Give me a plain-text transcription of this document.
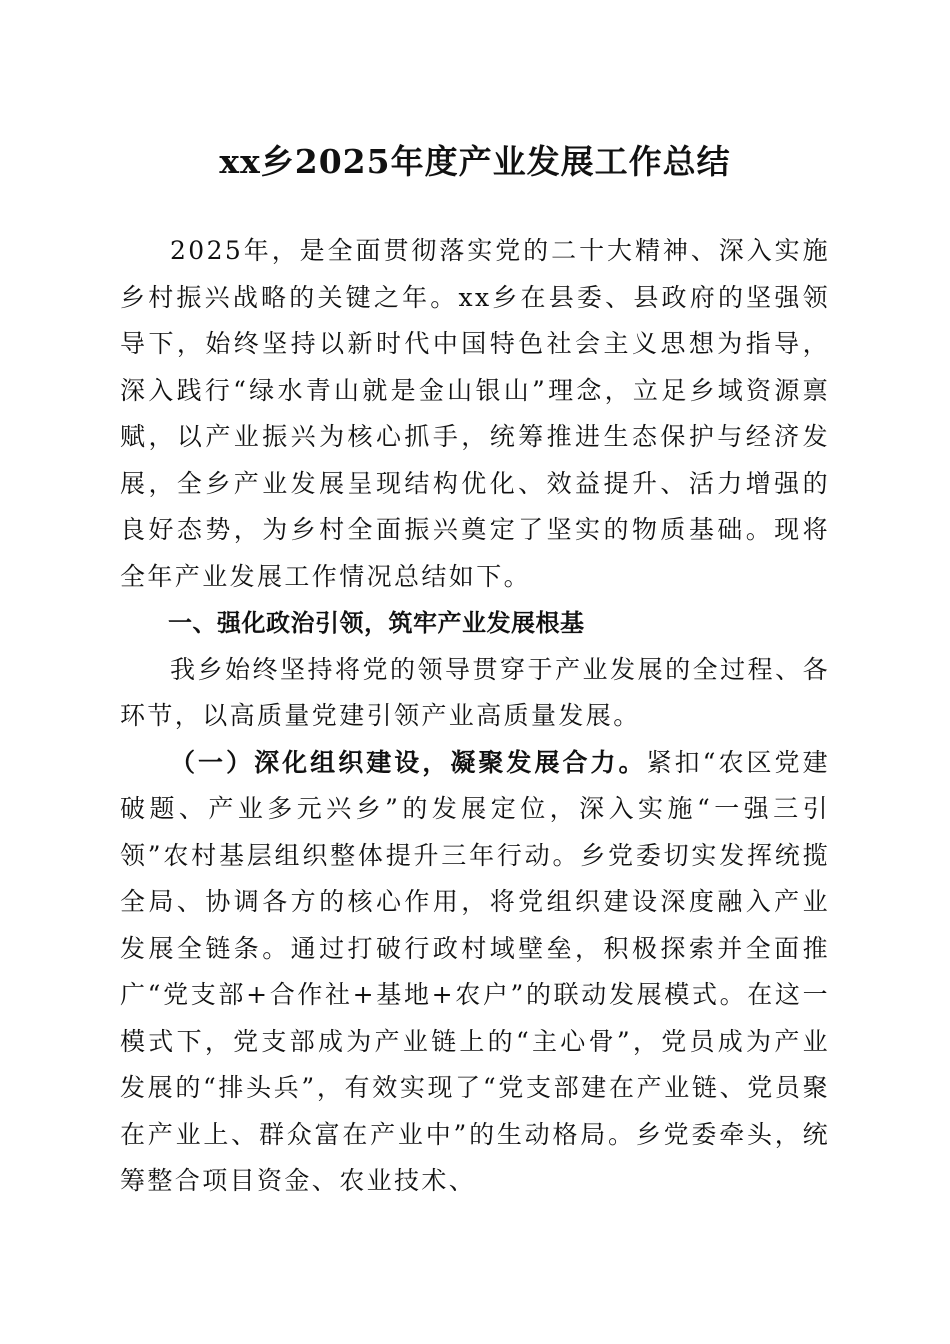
xx乡2025年度产业发展工作总结

2025年，是全面贯彻落实党的二十大精神、深入实施乡村振兴战略的关键之年。xx乡在县委、县政府的坚强领导下，始终坚持以新时代中国特色社会主义思想为指导，深入践行“绿水青山就是金山银山”理念，立足乡域资源禀赋，以产业振兴为核心抓手，统筹推进生态保护与经济发展，全乡产业发展呈现结构优化、效益提升、活力增强的良好态势，为乡村全面振兴奠定了坚实的物质基础。现将全年产业发展工作情况总结如下。

一、强化政治引领，筑牢产业发展根基

我乡始终坚持将党的领导贯穿于产业发展的全过程、各环节，以高质量党建引领产业高质量发展。

（一）深化组织建设，凝聚发展合力。紧扣“农区党建破题、产业多元兴乡”的发展定位，深入实施“一强三引领”农村基层组织整体提升三年行动。乡党委切实发挥统揽全局、协调各方的核心作用，将党组织建设深度融入产业发展全链条。通过打破行政村域壁垒，积极探索并全面推广“党支部+合作社+基地+农户”的联动发展模式。在这一模式下，党支部成为产业链上的“主心骨”，党员成为产业发展的“排头兵”，有效实现了“党支部建在产业链、党员聚在产业上、群众富在产业中”的生动格局。乡党委牵头，统筹整合项目资金、农业技术、
